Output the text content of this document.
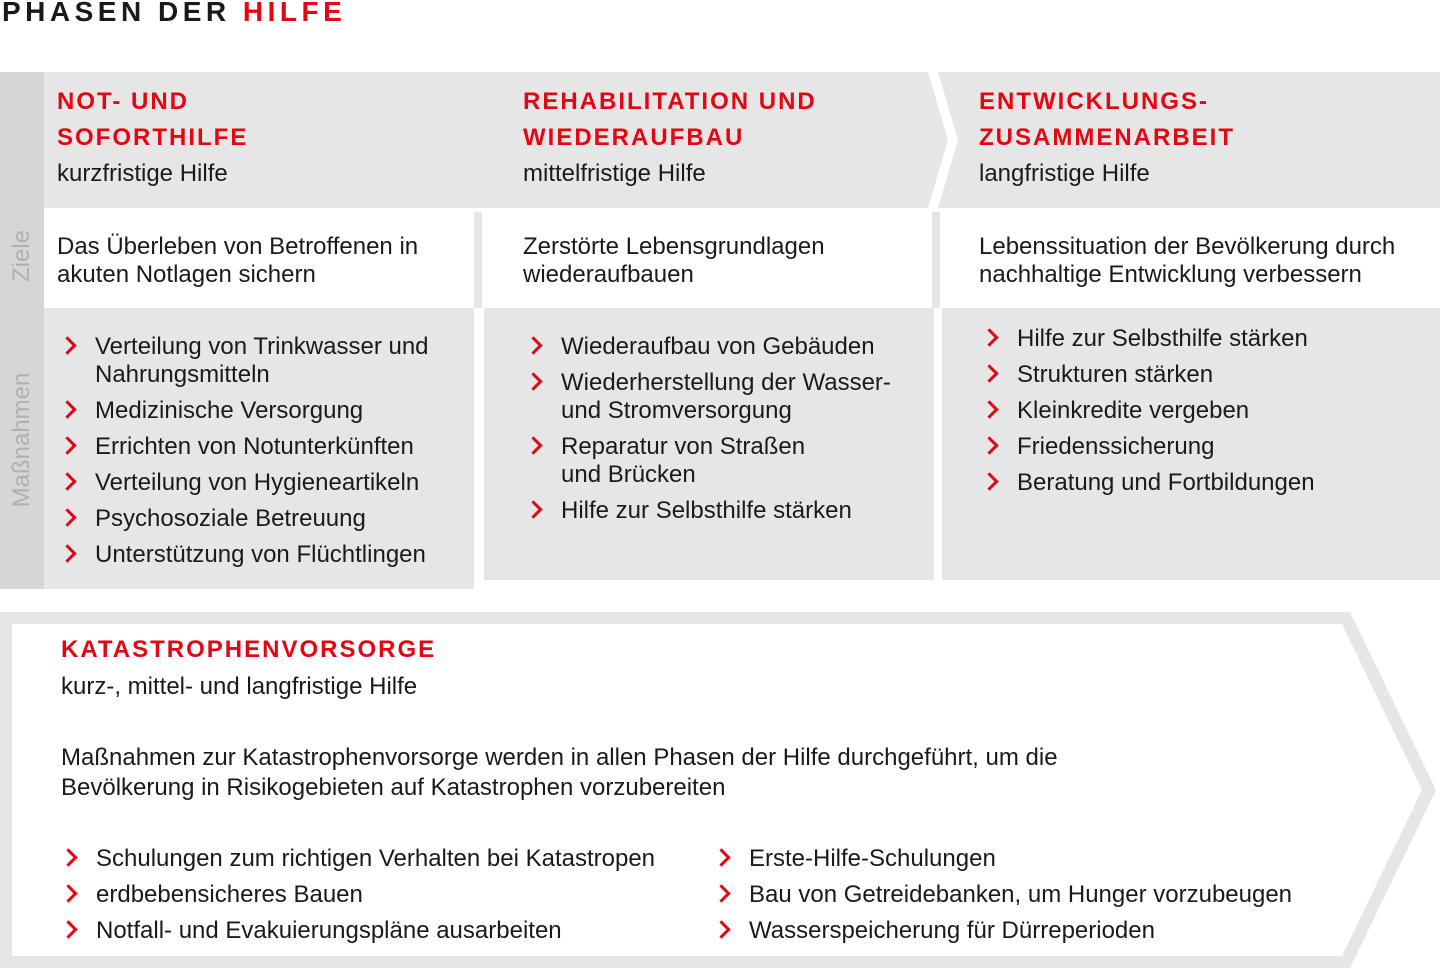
PHASEN DER HILFE
Ziele
Maßnahmen
NOT- UND
SOFORTHILFE
kurzfristige Hilfe
Das Überleben von Betroffenen in akuten Notlagen sichern
Verteilung von Trinkwasser und Nahrungsmitteln
Medizinische Versorgung
Errichten von Notunterkünften
Verteilung von Hygieneartikeln
Psychosoziale Betreuung
Unterstützung von Flüchtlingen
REHABILITATION UND
WIEDERAUFBAU
mittelfristige Hilfe
Zerstörte Lebensgrundlagen wiederaufbauen
Wiederaufbau von Gebäuden
Wiederherstellung der Wasser- und Stromversorgung
Reparatur von Straßen und Brücken
Hilfe zur Selbsthilfe stärken
ENTWICKLUNGS-
ZUSAMMENARBEIT
langfristige Hilfe
Lebenssituation der Bevölkerung durch nachhaltige Entwicklung verbessern
Hilfe zur Selbsthilfe stärken
Strukturen stärken
Kleinkredite vergeben
Friedenssicherung
Beratung und Fortbildungen
KATASTROPHENVORSORGE
kurz-, mittel- und langfristige Hilfe
Maßnahmen zur Katastrophenvorsorge werden in allen Phasen der Hilfe durchgeführt, um die Bevölkerung in Risikogebieten auf Katastrophen vorzubereiten
Schulungen zum richtigen Verhalten bei Katastropen
erdbebensicheres Bauen
Notfall- und Evakuierungspläne ausarbeiten
Erste-Hilfe-Schulungen
Bau von Getreidebanken, um Hunger vorzubeugen
Wasserspeicherung für Dürreperioden
